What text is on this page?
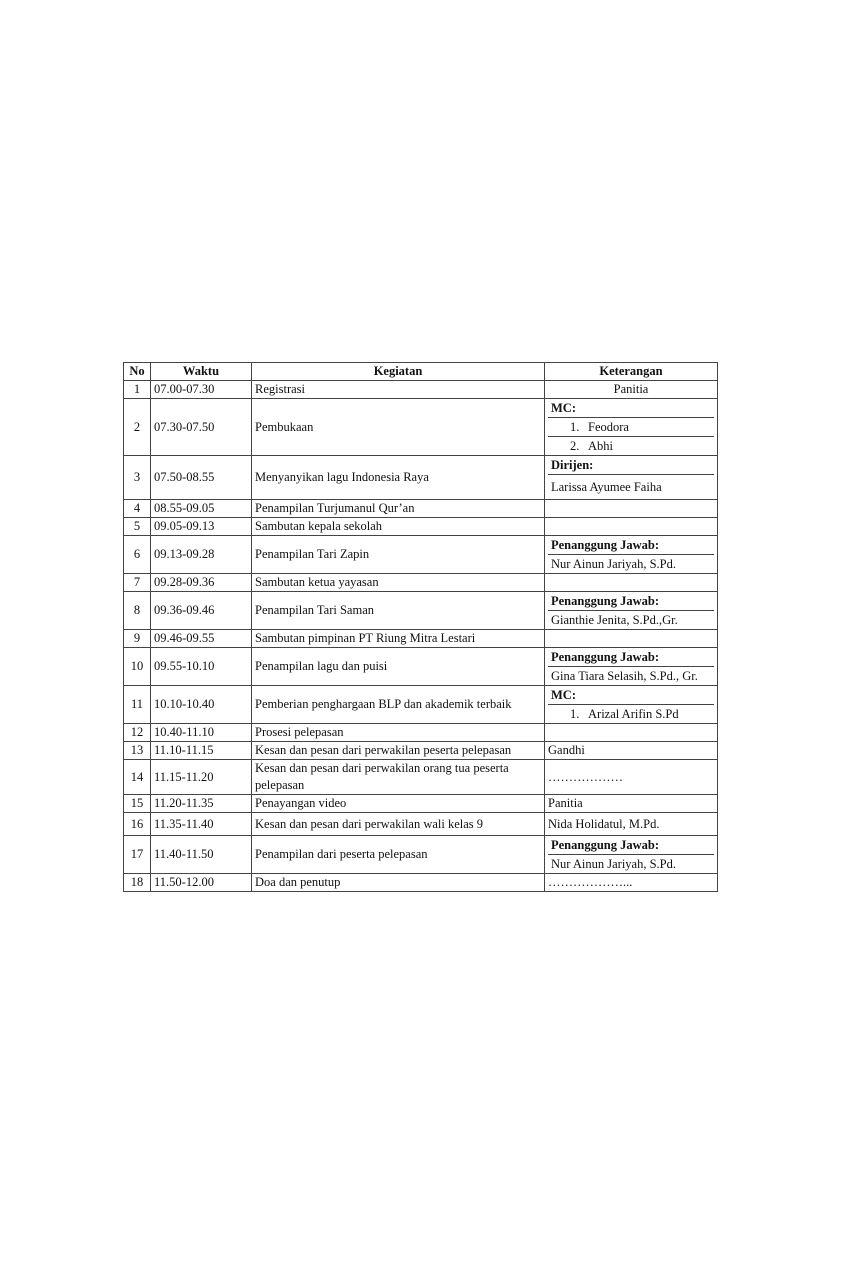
No	Waktu	Kegiatan	Keterangan
1	07.00-07.30	Registrasi	Panitia
2	07.30-07.50	Pembukaan	MC:
1. Feodora
2. Abhi

3	07.50-08.55	Menyanyikan lagu Indonesia Raya	Dirijen:
Larissa Ayumee Faiha

4	08.55-09.05	Penampilan Turjumanul Qur’an	
5	09.05-09.13	Sambutan kepala sekolah	
6	09.13-09.28	Penampilan Tari Zapin	Penanggung Jawab:
Nur Ainun Jariyah, S.Pd.

7	09.28-09.36	Sambutan ketua yayasan	
8	09.36-09.46	Penampilan Tari Saman	Penanggung Jawab:
Gianthie Jenita, S.Pd.,Gr.

9	09.46-09.55	Sambutan pimpinan PT Riung Mitra Lestari	
10	09.55-10.10	Penampilan lagu dan puisi	Penanggung Jawab:
Gina Tiara Selasih, S.Pd., Gr.

11	10.10-10.40	Pemberian penghargaan BLP dan akademik terbaik	MC:
1. Arizal Arifin S.Pd

12	10.40-11.10	Prosesi pelepasan	
13	11.10-11.15	Kesan dan pesan dari perwakilan peserta pelepasan	Gandhi
14	11.15-11.20	Kesan dan pesan dari perwakilan orang tua peserta pelepasan	………………
15	11.20-11.35	Penayangan video	Panitia
16	11.35-11.40	Kesan dan pesan dari perwakilan wali kelas 9	Nida Holidatul, M.Pd.
17	11.40-11.50	Penampilan dari peserta pelepasan	Penanggung Jawab:
Nur Ainun Jariyah, S.Pd.

18	11.50-12.00	Doa dan penutup	………………...
